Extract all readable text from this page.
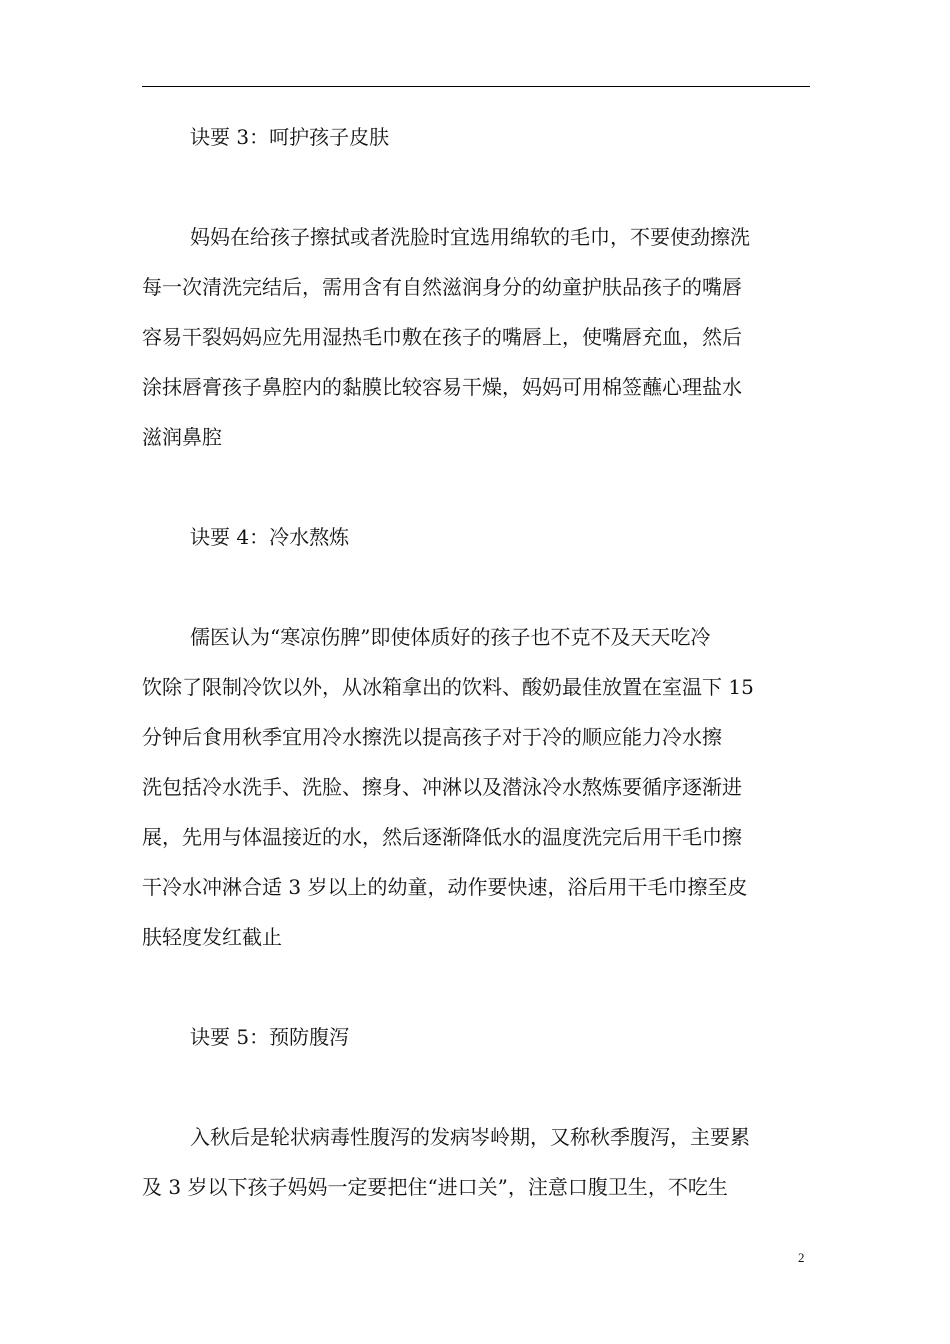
诀要 3：呵护孩子皮肤

妈妈在给孩子擦拭或者洗脸时宜选用绵软的毛巾，不要使劲擦洗
每一次清洗完结后，需用含有自然滋润身分的幼童护肤品孩子的嘴唇
容易干裂妈妈应先用湿热毛巾敷在孩子的嘴唇上，使嘴唇充血，然后
涂抹唇膏孩子鼻腔内的黏膜比较容易干燥，妈妈可用棉签蘸心理盐水
滋润鼻腔

诀要 4：冷水熬炼

儒医认为“寒凉伤脾”即使体质好的孩子也不克不及天天吃冷
饮除了限制冷饮以外，从冰箱拿出的饮料、酸奶最佳放置在室温下 15
分钟后食用秋季宜用冷水擦洗以提高孩子对于冷的顺应能力冷水擦
洗包括冷水洗手、洗脸、擦身、冲淋以及潜泳冷水熬炼要循序逐渐进
展，先用与体温接近的水，然后逐渐降低水的温度洗完后用干毛巾擦
干冷水冲淋合适 3 岁以上的幼童，动作要快速，浴后用干毛巾擦至皮
肤轻度发红截止

诀要 5：预防腹泻

入秋后是轮状病毒性腹泻的发病岑岭期，又称秋季腹泻，主要累
及 3 岁以下孩子妈妈一定要把住“进口关”，注意口腹卫生，不吃生

2
